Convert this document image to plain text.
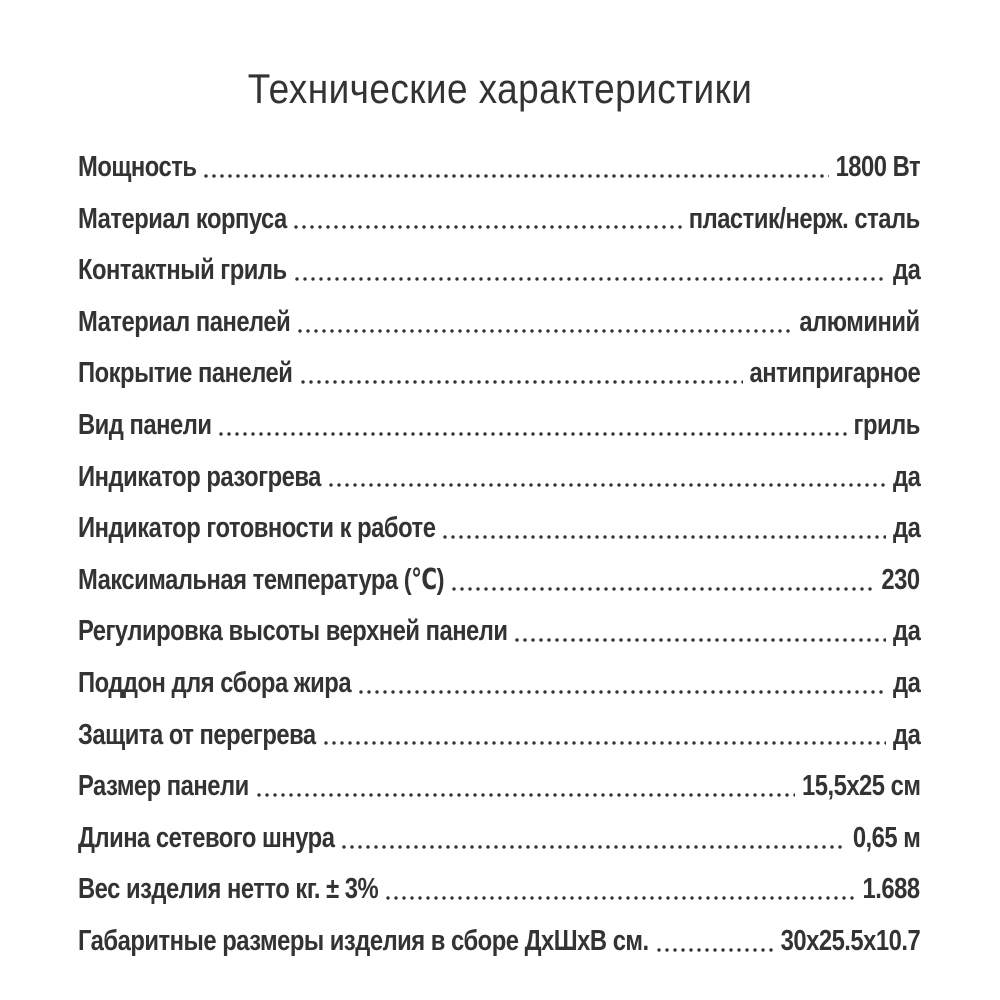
Технические характеристики
Мощность	1800 Вт
Материал корпуса	пластик/нерж. сталь
Контактный гриль	да
Материал панелей	алюминий
Покрытие панелей	антипригарное
Вид панели	гриль
Индикатор разогрева	да
Индикатор готовности к работе	да
Максимальная температура (℃)	230
Регулировка высоты верхней панели	да
Поддон для сбора жира	да
Защита от перегрева	да
Размер панели	15,5х25 см
Длина сетевого шнура	0,65 м
Вес изделия нетто кг. ± 3%	1.688
Габаритные размеры изделия в сборе ДхШхВ см.	30х25.5х10.7
